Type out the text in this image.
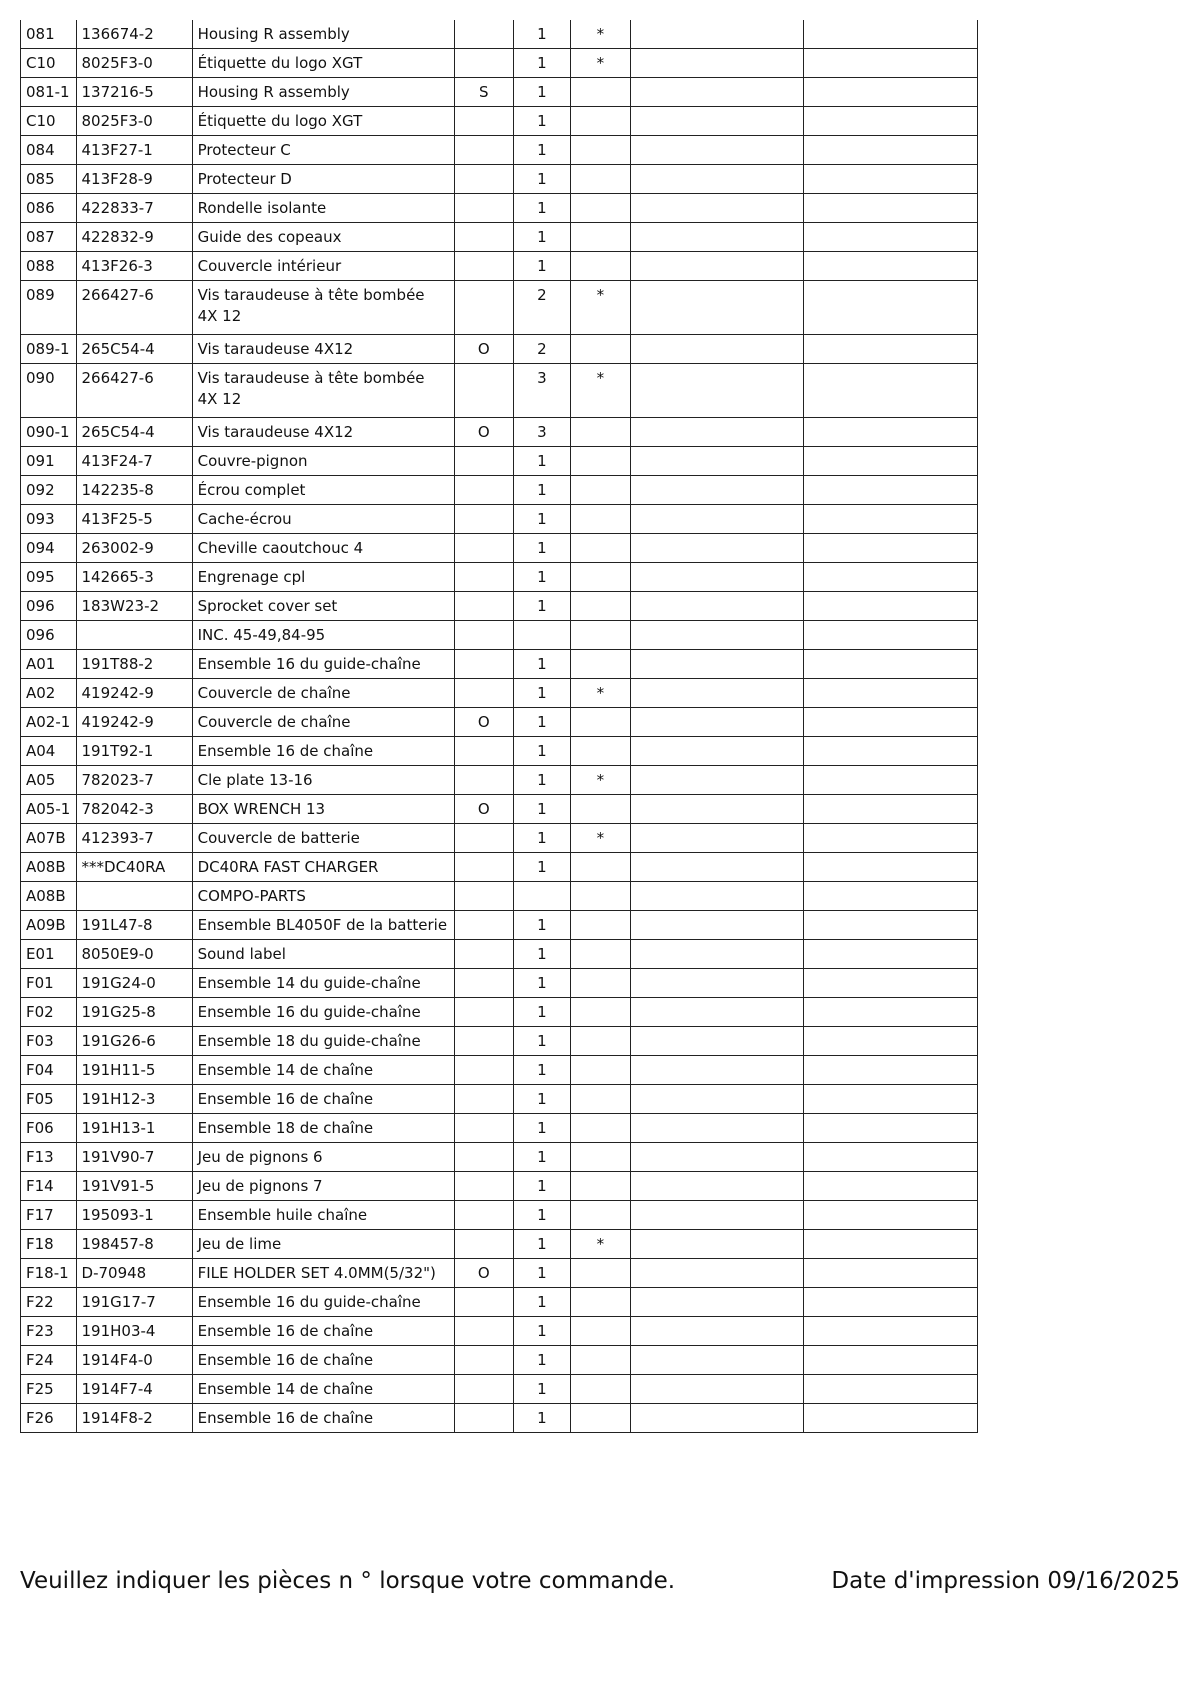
081	136674-2	Housing R assembly		1	*		
C10	8025F3-0	Étiquette du logo XGT		1	*		
081-1	137216-5	Housing R assembly	S	1			
C10	8025F3-0	Étiquette du logo XGT		1			
084	413F27-1	Protecteur C		1			
085	413F28-9	Protecteur D		1			
086	422833-7	Rondelle isolante		1			
087	422832-9	Guide des copeaux		1			
088	413F26-3	Couvercle intérieur		1			
089	266427-6	Vis taraudeuse à tête bombée 4X 12		2	*		
089-1	265C54-4	Vis taraudeuse 4X12	O	2			
090	266427-6	Vis taraudeuse à tête bombée 4X 12		3	*		
090-1	265C54-4	Vis taraudeuse 4X12	O	3			
091	413F24-7	Couvre-pignon		1			
092	142235-8	Écrou complet		1			
093	413F25-5	Cache-écrou		1			
094	263002-9	Cheville caoutchouc 4		1			
095	142665-3	Engrenage cpl		1			
096	183W23-2	Sprocket cover set		1			
096		INC. 45-49,84-95					
A01	191T88-2	Ensemble 16 du guide-chaîne		1			
A02	419242-9	Couvercle de chaîne		1	*		
A02-1	419242-9	Couvercle de chaîne	O	1			
A04	191T92-1	Ensemble 16 de chaîne		1			
A05	782023-7	Cle plate 13-16		1	*		
A05-1	782042-3	BOX WRENCH 13	O	1			
A07B	412393-7	Couvercle de batterie		1	*		
A08B	***DC40RA	DC40RA FAST CHARGER		1			
A08B		COMPO-PARTS					
A09B	191L47-8	Ensemble BL4050F de la batterie		1			
E01	8050E9-0	Sound label		1			
F01	191G24-0	Ensemble 14 du guide-chaîne		1			
F02	191G25-8	Ensemble 16 du guide-chaîne		1			
F03	191G26-6	Ensemble 18 du guide-chaîne		1			
F04	191H11-5	Ensemble 14 de chaîne		1			
F05	191H12-3	Ensemble 16 de chaîne		1			
F06	191H13-1	Ensemble 18 de chaîne		1			
F13	191V90-7	Jeu de pignons 6		1			
F14	191V91-5	Jeu de pignons 7		1			
F17	195093-1	Ensemble huile chaîne		1			
F18	198457-8	Jeu de lime		1	*		
F18-1	D-70948	FILE HOLDER SET 4.0MM(5/32")	O	1			
F22	191G17-7	Ensemble 16 du guide-chaîne		1			
F23	191H03-4	Ensemble 16 de chaîne		1			
F24	1914F4-0	Ensemble 16 de chaîne		1			
F25	1914F7-4	Ensemble 14 de chaîne		1			
F26	1914F8-2	Ensemble 16 de chaîne		1			
Veuillez indiquer les pièces n ° lorsque votre commande.	Date d'impression 09/16/2025
